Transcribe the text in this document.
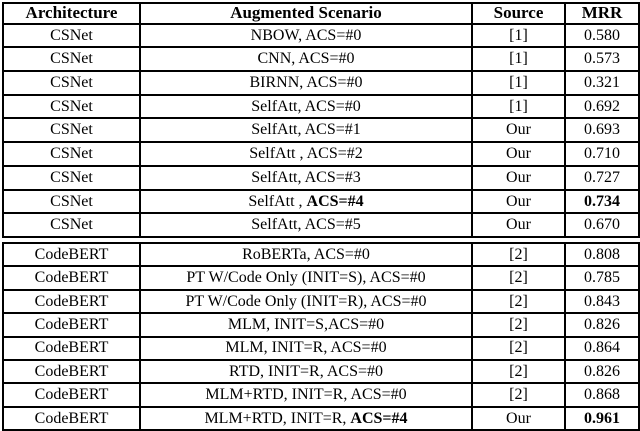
Architecture	Augmented Scenario	Source	MRR
CSNet	NBOW, ACS=#0	[1]	0.580
CSNet	CNN, ACS=#0	[1]	0.573
CSNet	BIRNN, ACS=#0	[1]	0.321
CSNet	SelfAtt, ACS=#0	[1]	0.692
CSNet	SelfAtt, ACS=#1	Our	0.693
CSNet	SelfAtt , ACS=#2	Our	0.710
CSNet	SelfAtt, ACS=#3	Our	0.727
CSNet	SelfAtt , ACS=#4	Our	0.734
CSNet	SelfAtt, ACS=#5	Our	0.670
CodeBERT	RoBERTa, ACS=#0	[2]	0.808
CodeBERT	PT W/Code Only (INIT=S), ACS=#0	[2]	0.785
CodeBERT	PT W/Code Only (INIT=R), ACS=#0	[2]	0.843
CodeBERT	MLM, INIT=S,ACS=#0	[2]	0.826
CodeBERT	MLM, INIT=R, ACS=#0	[2]	0.864
CodeBERT	RTD, INIT=R, ACS=#0	[2]	0.826
CodeBERT	MLM+RTD, INIT=R, ACS=#0	[2]	0.868
CodeBERT	MLM+RTD, INIT=R, ACS=#4	Our	0.961
